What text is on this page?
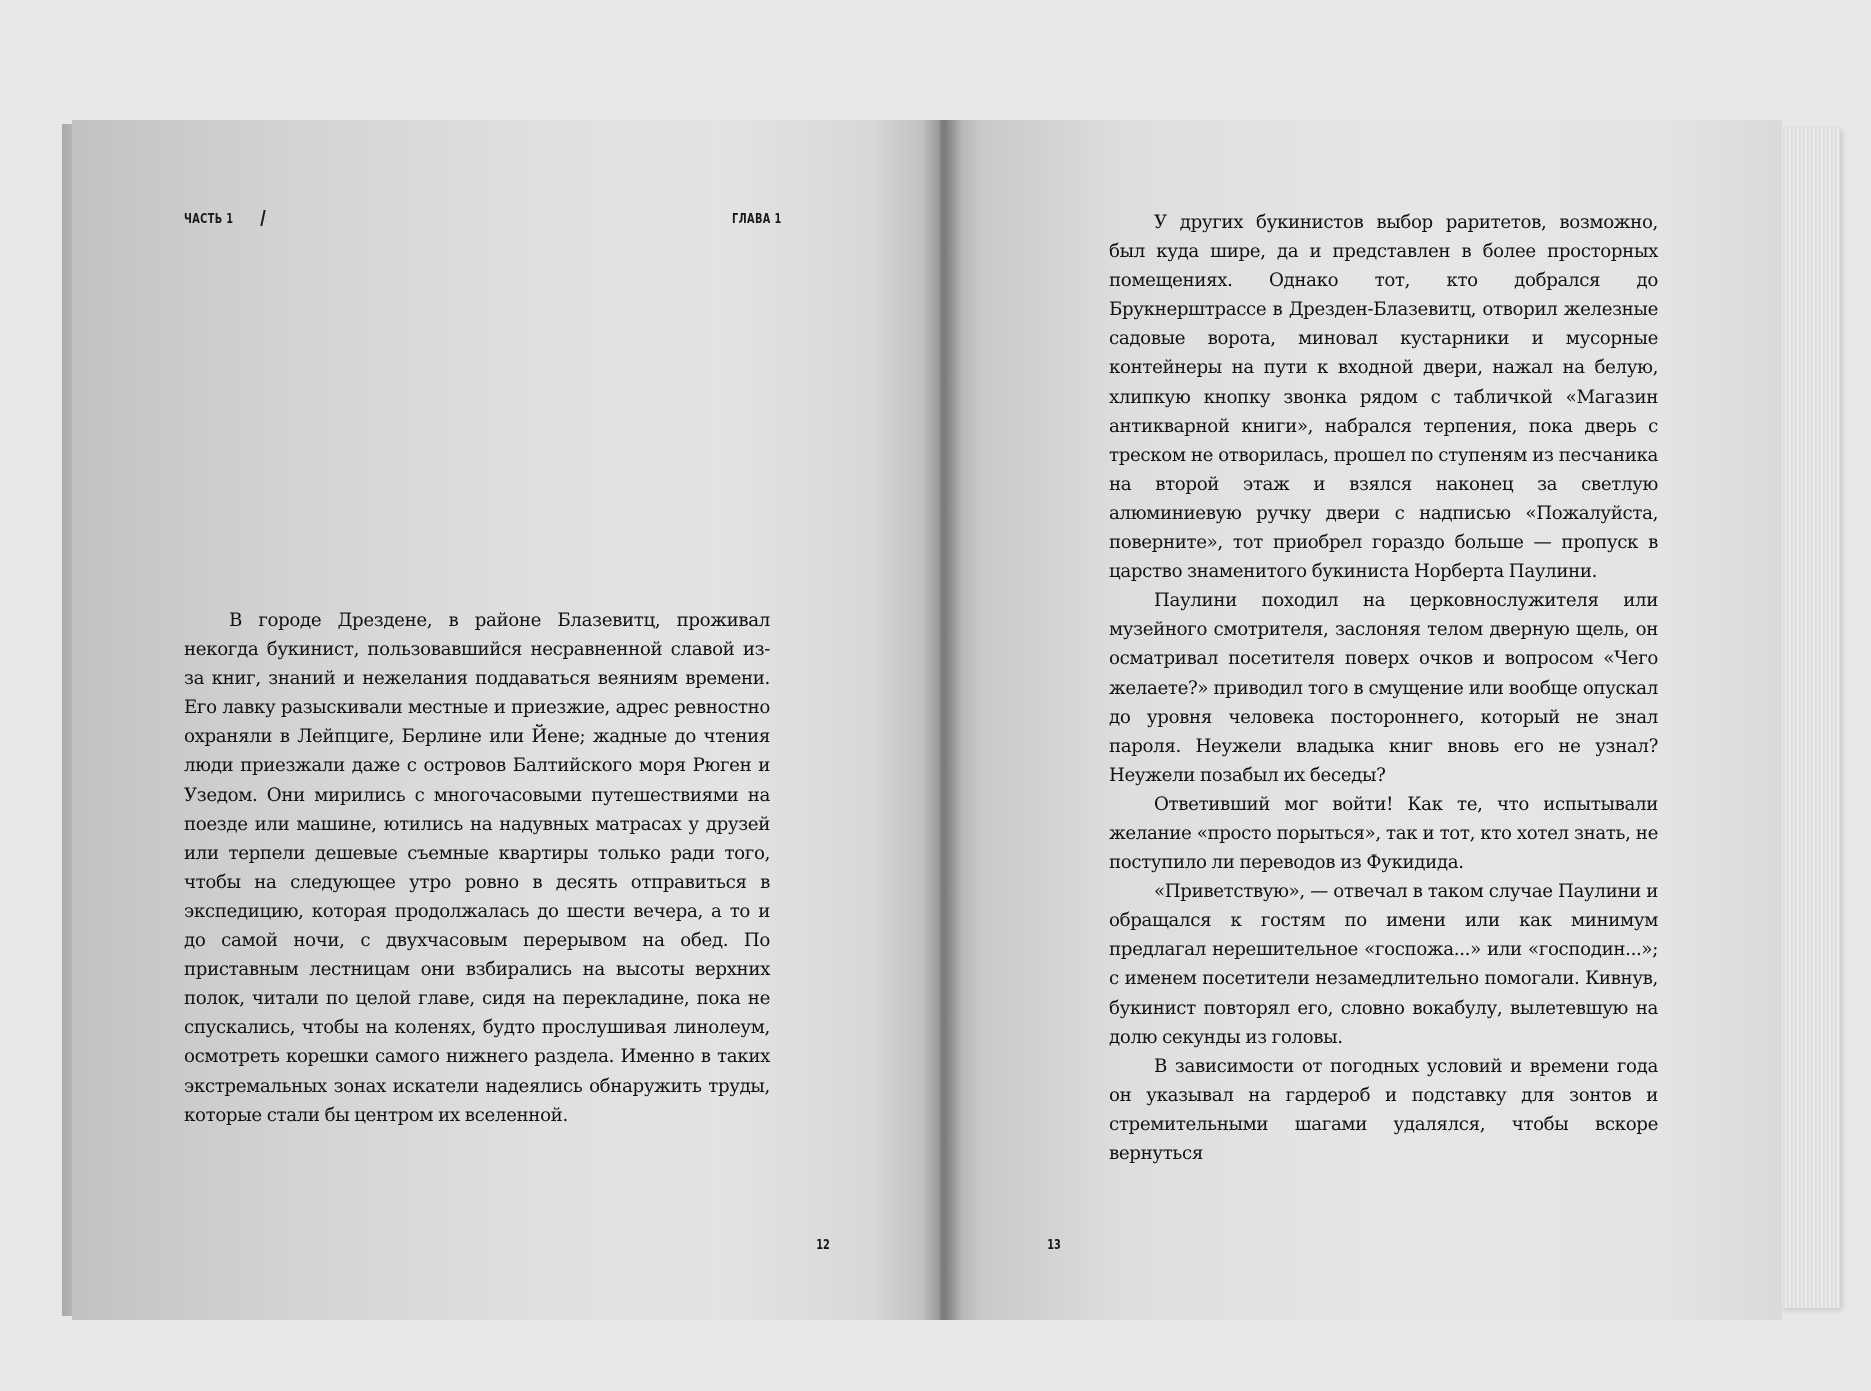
ЧАСТЬ 1	ГЛАВА 1

В городе Дрездене, в районе Блазевитц, проживал некогда букинист, пользовавшийся несравненной славой из-за книг, знаний и нежелания поддаваться веяниям времени. Его лавку разыскивали местные и приезжие, адрес ревностно охраняли в Лейпциге, Берлине или Йене; жадные до чтения люди приезжали даже с островов Балтийского моря Рюген и Узедом. Они мирились с многочасовыми путешествиями на поезде или машине, ютились на надувных матрасах у друзей или терпели дешевые съемные квартиры только ради того, чтобы на следующее утро ровно в десять отправиться в экспедицию, которая продолжалась до шести вечера, а то и до самой ночи, с двухчасовым перерывом на обед. По приставным лестницам они взбирались на высоты верхних полок, читали по целой главе, сидя на перекладине, пока не спускались, чтобы на коленях, будто прослушивая линолеум, осмотреть корешки самого нижнего раздела. Именно в таких экстремальных зонах искатели надеялись обнаружить труды, которые стали бы центром их вселенной.

12

У других букинистов выбор раритетов, возможно, был куда шире, да и представлен в более просторных помещениях. Однако тот, кто добрался до Брукнерштрассе в Дрезден-Блазевитц, отворил железные садовые ворота, миновал кустарники и мусорные контейнеры на пути к входной двери, нажал на белую, хлипкую кнопку звонка рядом с табличкой «Магазин антикварной книги», набрался терпения, пока дверь с треском не отворилась, прошел по ступеням из песчаника на второй этаж и взялся наконец за светлую алюминиевую ручку двери с надписью «Пожалуйста, поверните», тот приобрел гораздо больше — пропуск в царство знаменитого букиниста Норберта Паулини.

Паулини походил на церковнослужителя или музейного смотрителя, заслоняя телом дверную щель, он осматривал посетителя поверх очков и вопросом «Чего желаете?» приводил того в смущение или вообще опускал до уровня человека постороннего, который не знал пароля. Неужели владыка книг вновь его не узнал? Неужели позабыл их беседы?

Ответивший мог войти! Как те, что испытывали желание «просто порыться», так и тот, кто хотел знать, не поступило ли переводов из Фукидида.

«Приветствую», — отвечал в таком случае Паулини и обращался к гостям по имени или как минимум предлагал нерешительное «госпожа...» или «господин...»; с именем посетители незамедлительно помогали. Кивнув, букинист повторял его, словно вокабулу, вылетевшую на долю секунды из головы.

В зависимости от погодных условий и времени года он указывал на гардероб и подставку для зонтов и стремительными шагами удалялся, чтобы вскоре вернуться

13
